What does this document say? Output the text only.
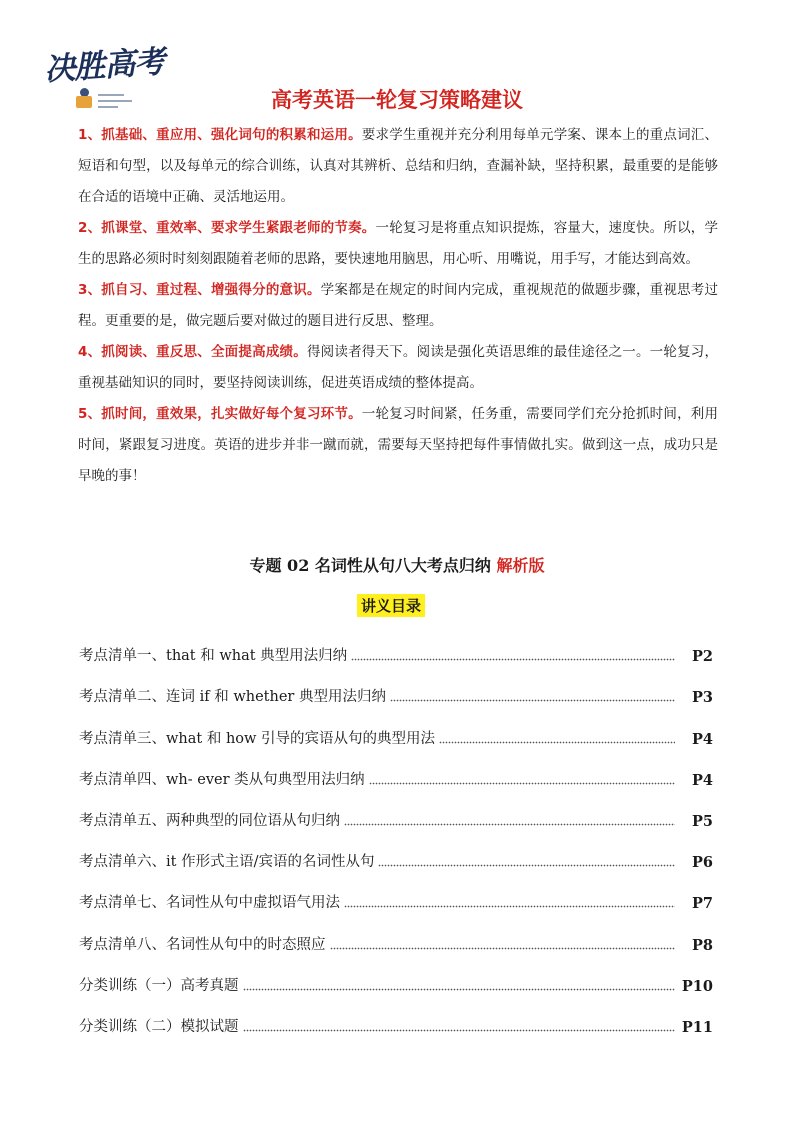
决胜高考
高考英语一轮复习策略建议

1、抓基础、重应用、强化词句的积累和运用。要求学生重视并充分利用每单元学案、课本上的重点词汇、短语和句型，以及每单元的综合训练，认真对其辨析、总结和归纳，查漏补缺，坚持积累，最重要的是能够在合适的语境中正确、灵活地运用。

2、抓课堂、重效率、要求学生紧跟老师的节奏。一轮复习是将重点知识提炼，容量大，速度快。所以，学生的思路必须时时刻刻跟随着老师的思路，要快速地用脑思，用心听、用嘴说，用手写，才能达到高效。

3、抓自习、重过程、增强得分的意识。学案都是在规定的时间内完成，重视规范的做题步骤，重视思考过程。更重要的是，做完题后要对做过的题目进行反思、整理。

4、抓阅读、重反思、全面提高成绩。得阅读者得天下。阅读是强化英语思维的最佳途径之一。一轮复习，重视基础知识的同时，要坚持阅读训练，促进英语成绩的整体提高。

5、抓时间，重效果，扎实做好每个复习环节。一轮复习时间紧，任务重，需要同学们充分抢抓时间，利用时间，紧跟复习进度。英语的进步并非一蹴而就，需要每天坚持把每件事情做扎实。做到这一点，成功只是早晚的事！

专题 02 名词性从句八大考点归纳 解析版
讲义目录
考点清单一、that 和 what 典型用法归纳	P2
考点清单二、连词 if 和 whether 典型用法归纳	P3
考点清单三、what 和 how 引导的宾语从句的典型用法	P4
考点清单四、wh- ever 类从句典型用法归纳	P4
考点清单五、两种典型的同位语从句归纳	P5
考点清单六、it 作形式主语/宾语的名词性从句	P6
考点清单七、名词性从句中虚拟语气用法	P7
考点清单八、名词性从句中的时态照应	P8
分类训练（一）高考真题	P10
分类训练（二）模拟试题	P11
